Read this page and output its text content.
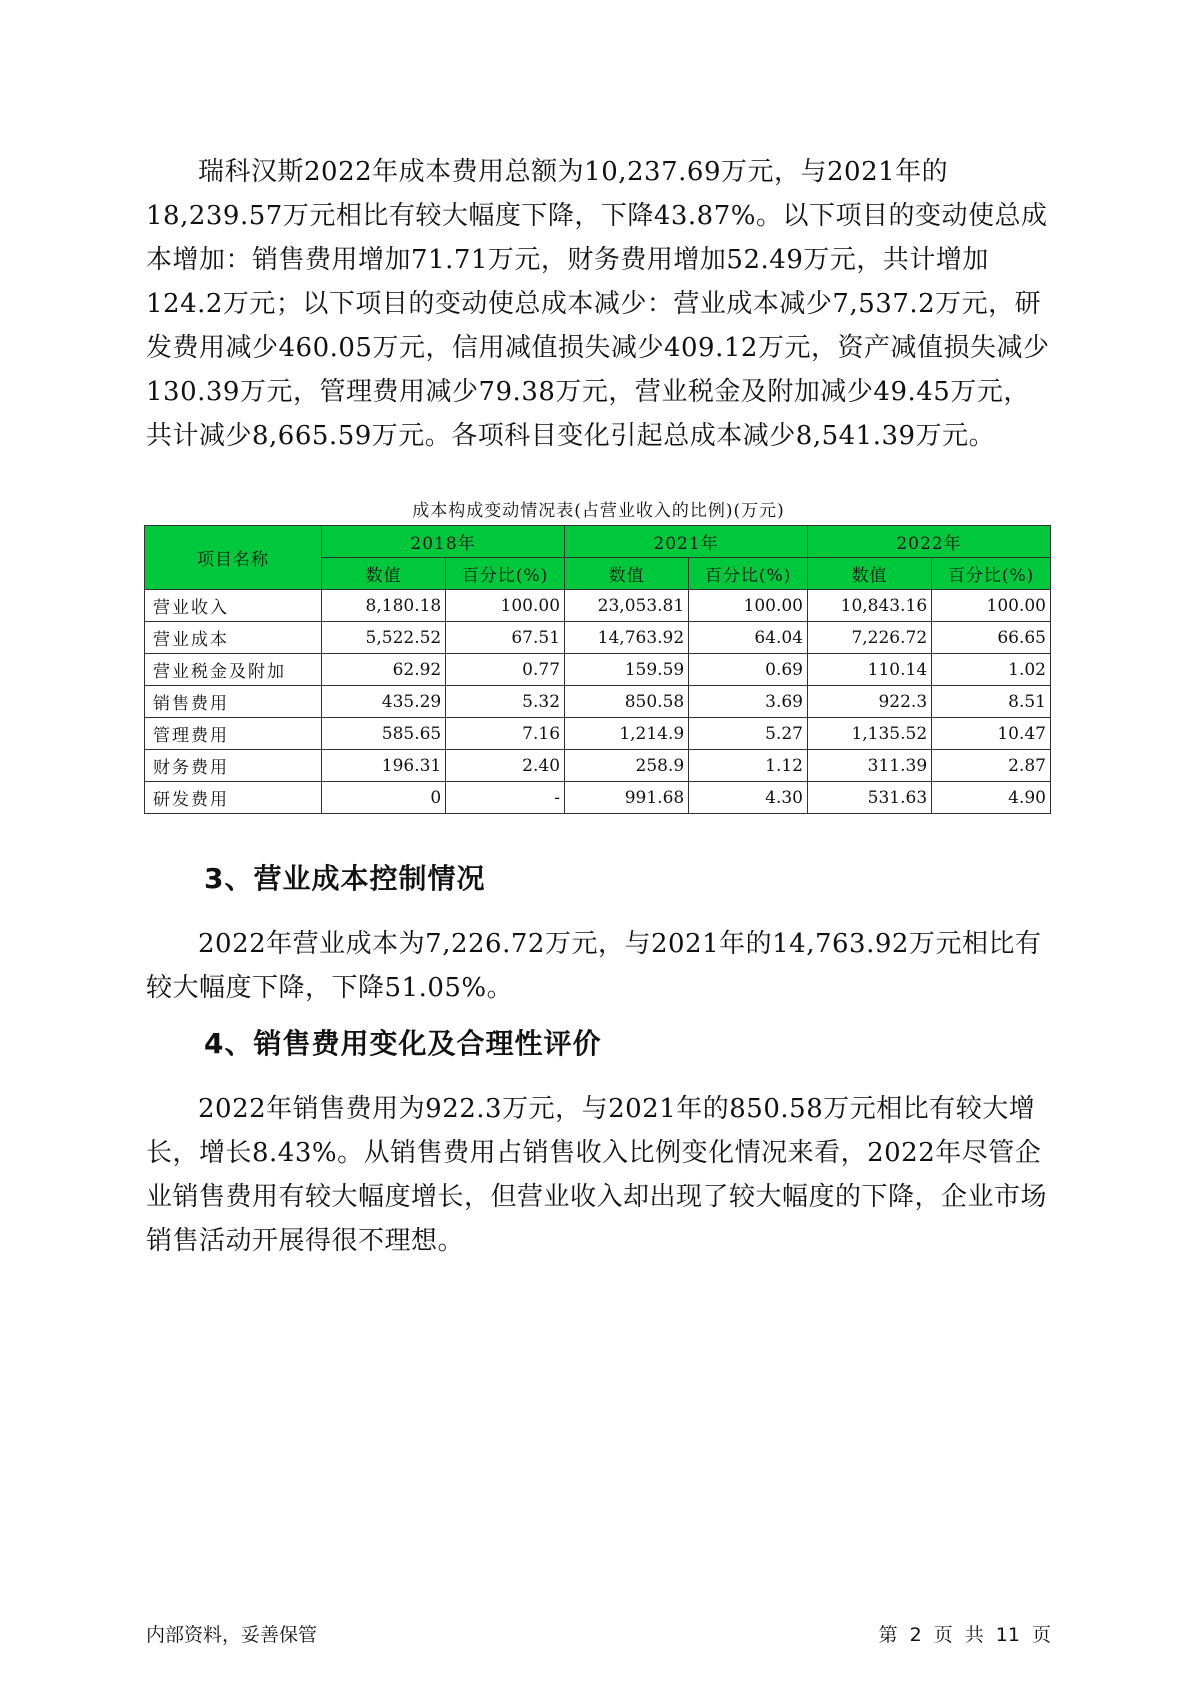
瑞科汉斯2022年成本费用总额为10,237.69万元，与2021年的18,239.57万元相比有较大幅度下降，下降43.87%。以下项目的变动使总成本增加：销售费用增加71.71万元，财务费用增加52.49万元，共计增加124.2万元；以下项目的变动使总成本减少：营业成本减少7,537.2万元，研发费用减少460.05万元，信用减值损失减少409.12万元，资产减值损失减少130.39万元，管理费用减少79.38万元，营业税金及附加减少49.45万元，共计减少8,665.59万元。各项科目变化引起总成本减少8,541.39万元。

成本构成变动情况表(占营业收入的比例)(万元)
项目名称	2018年		2021年		2022年	
	数值	百分比(%)	数值	百分比(%)	数值	百分比(%)
营业收入	8,180.18	100.00	23,053.81	100.00	10,843.16	100.00
营业成本	5,522.52	67.51	14,763.92	64.04	7,226.72	66.65
营业税金及附加	62.92	0.77	159.59	0.69	110.14	1.02
销售费用	435.29	5.32	850.58	3.69	922.3	8.51
管理费用	585.65	7.16	1,214.9	5.27	1,135.52	10.47
财务费用	196.31	2.40	258.9	1.12	311.39	2.87
研发费用	0	-	991.68	4.30	531.63	4.90
3、营业成本控制情况

2022年营业成本为7,226.72万元，与2021年的14,763.92万元相比有较大幅度下降，下降51.05%。

4、销售费用变化及合理性评价

2022年销售费用为922.3万元，与2021年的850.58万元相比有较大增长，增长8.43%。从销售费用占销售收入比例变化情况来看，2022年尽管企业销售费用有较大幅度增长，但营业收入却出现了较大幅度的下降，企业市场销售活动开展得很不理想。

内部资料，妥善保管	第 2 页 共 11 页
